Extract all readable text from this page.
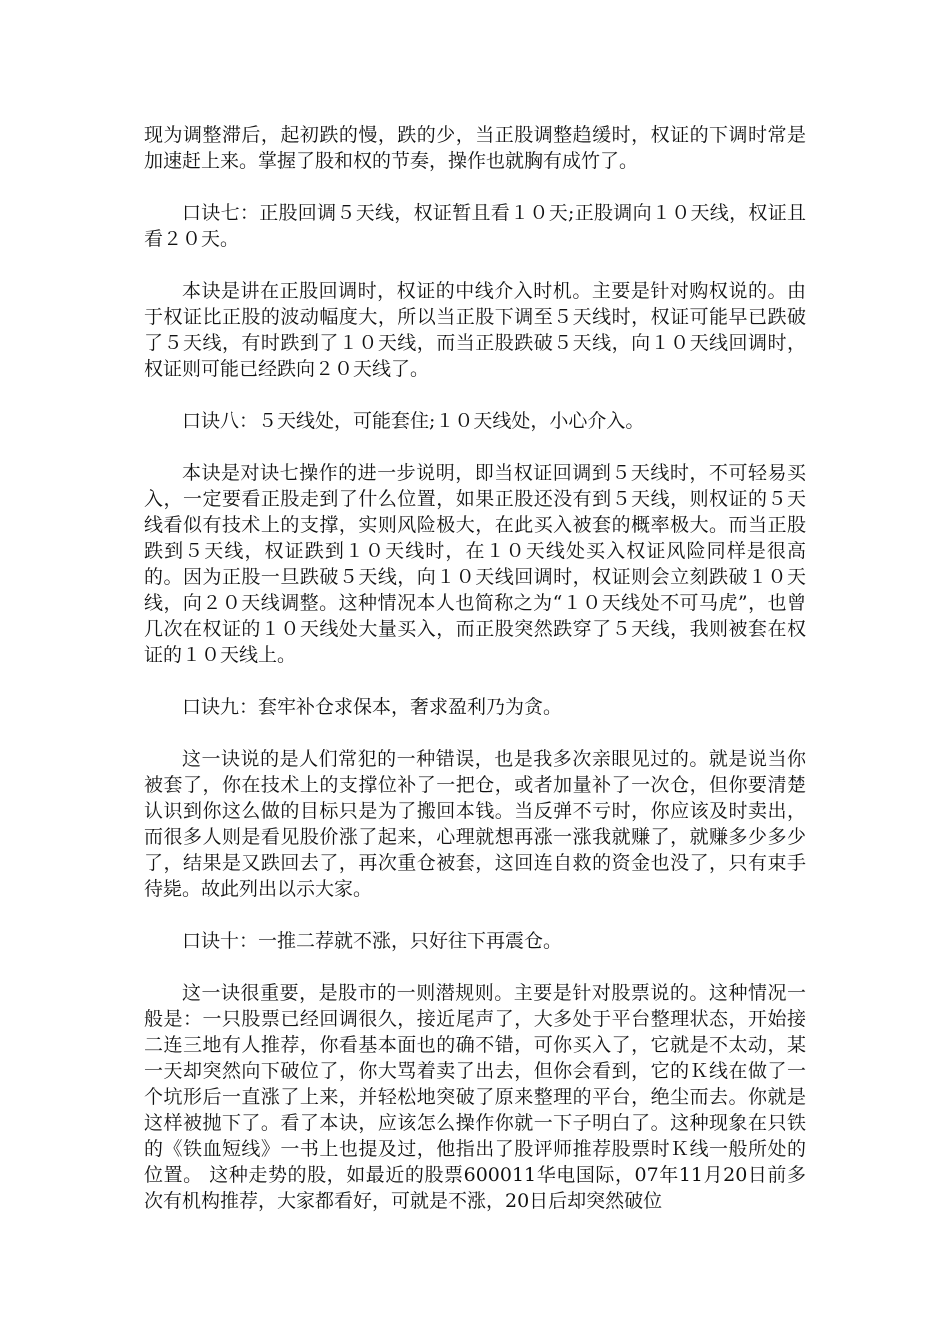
现为调整滞后，起初跌的慢，跌的少，当正股调整趋缓时，权证的下调时常是加速赶上来。掌握了股和权的节奏，操作也就胸有成竹了。

口诀七：正股回调５天线，权证暂且看１０天;正股调向１０天线，权证且看２０天。

本诀是讲在正股回调时，权证的中线介入时机。主要是针对购权说的。由于权证比正股的波动幅度大，所以当正股下调至５天线时，权证可能早已跌破了５天线，有时跌到了１０天线，而当正股跌破５天线，向１０天线回调时，权证则可能已经跌向２０天线了。

口诀八：５天线处，可能套住;１０天线处，小心介入。

本诀是对诀七操作的进一步说明，即当权证回调到５天线时，不可轻易买入，一定要看正股走到了什么位置，如果正股还没有到５天线，则权证的５天线看似有技术上的支撑，实则风险极大，在此买入被套的概率极大。而当正股跌到５天线，权证跌到１０天线时，在１０天线处买入权证风险同样是很高的。因为正股一旦跌破５天线，向１０天线回调时，权证则会立刻跌破１０天线，向２０天线调整。这种情况本人也简称之为“１０天线处不可马虎”，也曾几次在权证的１０天线处大量买入，而正股突然跌穿了５天线，我则被套在权证的１０天线上。

口诀九：套牢补仓求保本，奢求盈利乃为贪。

这一诀说的是人们常犯的一种错误，也是我多次亲眼见过的。就是说当你被套了，你在技术上的支撑位补了一把仓，或者加量补了一次仓，但你要清楚认识到你这么做的目标只是为了搬回本钱。当反弹不亏时，你应该及时卖出，而很多人则是看见股价涨了起来，心理就想再涨一涨我就赚了，就赚多少多少了，结果是又跌回去了，再次重仓被套，这回连自救的资金也没了，只有束手待毙。故此列出以示大家。

口诀十：一推二荐就不涨，只好往下再震仓。

这一诀很重要，是股市的一则潜规则。主要是针对股票说的。这种情况一般是：一只股票已经回调很久，接近尾声了，大多处于平台整理状态，开始接二连三地有人推荐，你看基本面也的确不错，可你买入了，它就是不太动，某一天却突然向下破位了，你大骂着卖了出去，但你会看到，它的Ｋ线在做了一个坑形后一直涨了上来，并轻松地突破了原来整理的平台，绝尘而去。你就是这样被抛下了。看了本诀，应该怎么操作你就一下子明白了。这种现象在只铁的《铁血短线》一书上也提及过，他指出了股评师推荐股票时Ｋ线一般所处的位置。 这种走势的股，如最近的股票600011华电国际，07年11月20日前多次有机构推荐，大家都看好，可就是不涨，20日后却突然破位
